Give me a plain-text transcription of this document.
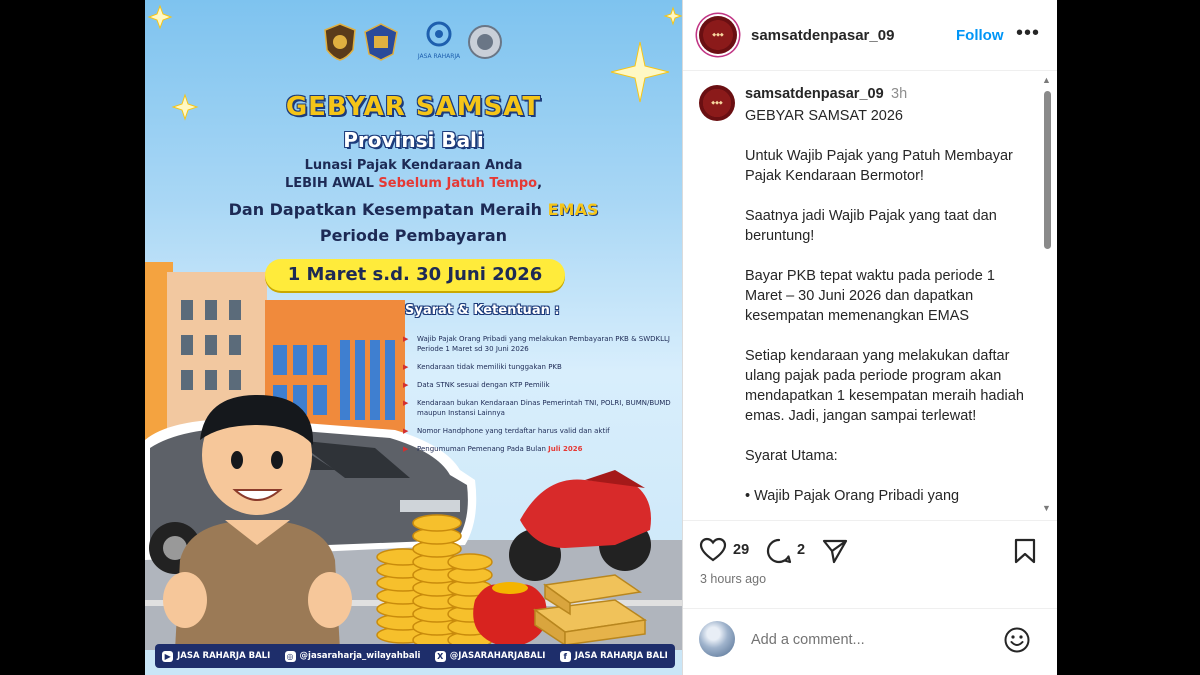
JASA RAHARJA
GEBYAR SAMSAT
Provinsi Bali
Lunasi Pajak Kendaraan Anda
LEBIH AWAL Sebelum Jatuh Tempo,
Dan Dapatkan Kesempatan Meraih EMAS
Periode Pembayaran
1 Maret s.d. 30 Juni 2026
Syarat & Ketentuan :
▶ Wajib Pajak Orang Pribadi yang melakukan Pembayaran PKB & SWDKLLJ Periode 1 Maret sd 30 Juni 2026
▶ Kendaraan tidak memiliki tunggakan PKB
▶ Data STNK sesuai dengan KTP Pemilik
▶ Kendaraan bukan Kendaraan Dinas Pemerintah TNI, POLRI, BUMN/BUMD maupun Instansi Lainnya
▶ Nomor Handphone yang terdaftar harus valid dan aktif
▶ Pengumuman Pemenang Pada Bulan Juli 2026
▶ JASA RAHARJA BALI ◎ @jasaraharja_wilayahbali	X @JASARAHARJABALI	f JASA RAHARJA BALI
◆◆◆ samsatdenpasar_09	Follow •••
◆◆◆
samsatdenpasar_09 3h
GEBYAR SAMSAT 2026

Untuk Wajib Pajak yang Patuh Membayar Pajak Kendaraan Bermotor!

Saatnya jadi Wajib Pajak yang taat dan beruntung!

Bayar PKB tepat waktu pada periode 1 Maret – 30 Juni 2026 dan dapatkan kesempatan memenangkan EMAS

Setiap kendaraan yang melakukan daftar ulang pajak pada periode program akan mendapatkan 1 kesempatan meraih hadiah emas. Jadi, jangan sampai terlewat!

Syarat Utama:

• Wajib Pajak Orang Pribadi yang
▲
▼
29	2
3 hours ago
Add a comment...
